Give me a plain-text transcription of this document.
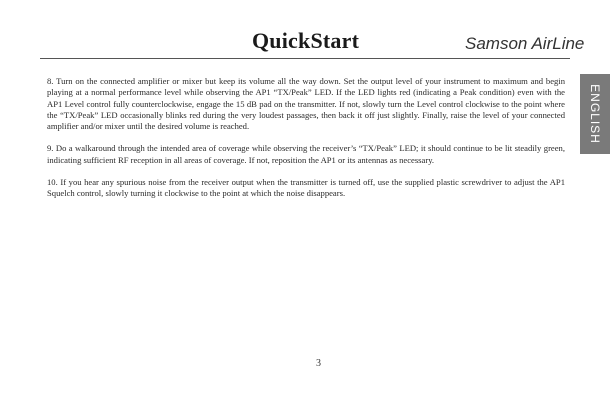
QuickStart	Samson AirLine
ENGLISH

8. Turn on the connected amplifier or mixer but keep its volume all the way down. Set the output level of your instrument to maximum and begin playing at a normal performance level while observing the AP1 “TX/Peak” LED. If the LED lights red (indicating a Peak condition) even with the AP1 Level control fully counterclockwise, engage the 15 dB pad on the transmitter. If not, slowly turn the Level control clockwise to the point where the “TX/Peak” LED occasionally blinks red during the very loudest passages, then back it off just slightly. Finally, raise the level of your connected amplifier and/or mixer until the desired volume is reached.

9. Do a walkaround through the intended area of coverage while observing the receiver’s “TX/Peak” LED; it should continue to be lit steadily green, indicating sufficient RF reception in all areas of coverage. If not, reposition the AP1 or its antennas as necessary.

10. If you hear any spurious noise from the receiver output when the transmitter is turned off, use the supplied plastic screwdriver to adjust the AP1 Squelch control, slowly turning it clockwise to the point at which the noise disappears.

3
